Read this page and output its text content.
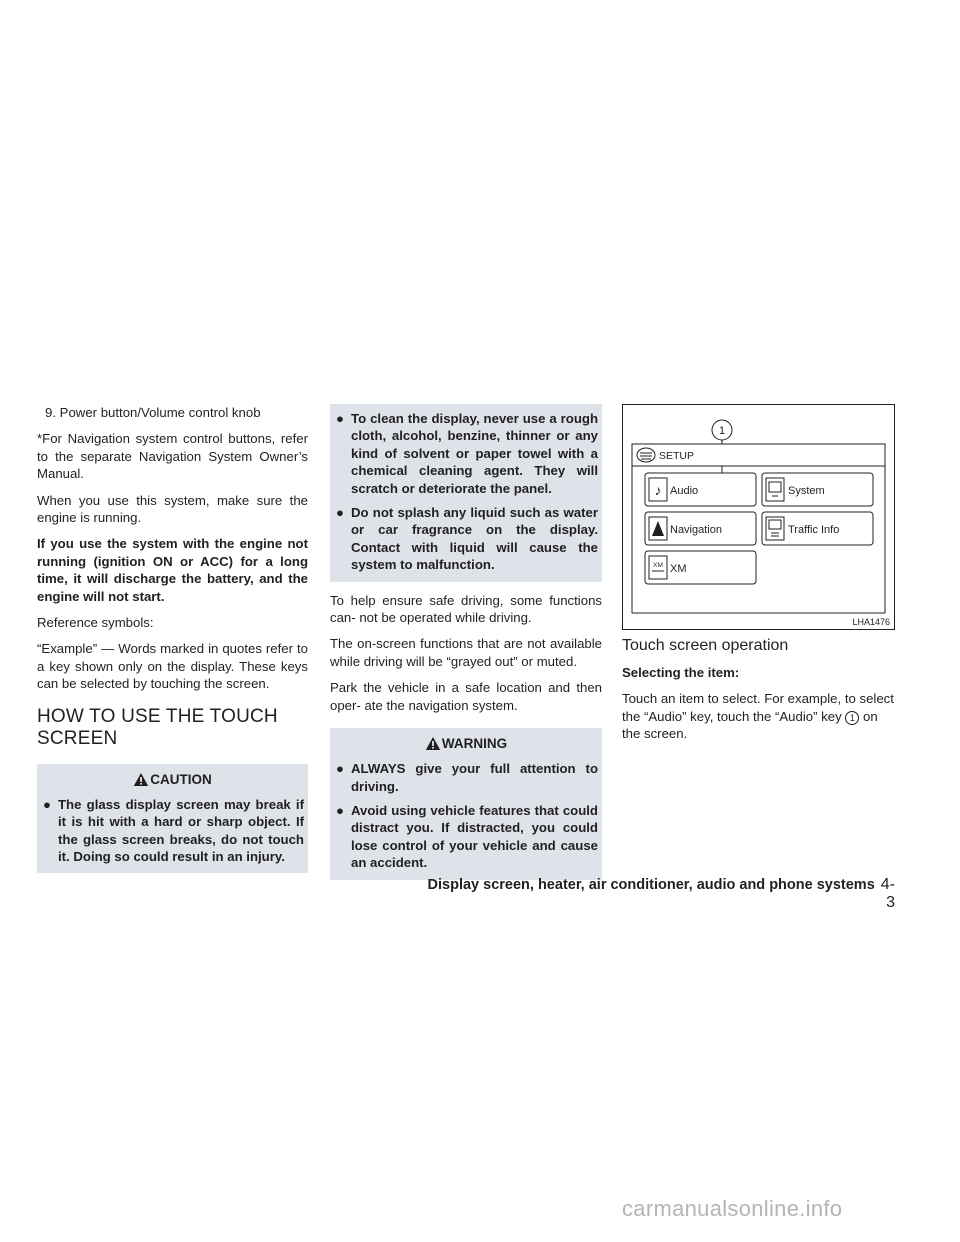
9. Power button/Volume control knob

*For Navigation system control buttons, refer to the separate Navigation System Owner’s Manual.

When you use this system, make sure the engine is running.

If you use the system with the engine not running (ignition ON or ACC) for a long time, it will discharge the battery, and the engine will not start.

Reference symbols:

“Example” — Words marked in quotes refer to a key shown only on the display. These keys can be selected by touching the screen.

HOW TO USE THE TOUCH SCREEN
CAUTION
● The glass display screen may break if it is hit with a hard or sharp object. If the glass screen breaks, do not touch it. Doing so could result in an injury.
● To clean the display, never use a rough cloth, alcohol, benzine, thinner or any kind of solvent or paper towel with a chemical cleaning agent. They will scratch or deteriorate the panel.
● Do not splash any liquid such as water or car fragrance on the display. Contact with liquid will cause the system to malfunction.

To help ensure safe driving, some functions can- not be operated while driving.

The on-screen functions that are not available while driving will be “grayed out” or muted.

Park the vehicle in a safe location and then oper- ate the navigation system.

WARNING
● ALWAYS give your full attention to driving.
● Avoid using vehicle features that could distract you. If distracted, you could lose control of your vehicle and cause an accident.
1
SETUP
♪ Audio	System
Navigation	Traffic Info
XM XM
LHA1476
Touch screen operation
Selecting the item:

Touch an item to select. For example, to select the “Audio” key, touch the “Audio” key 1 on the screen.

Display screen, heater, air conditioner, audio and phone systems 4-3
carmanualsonline.info
